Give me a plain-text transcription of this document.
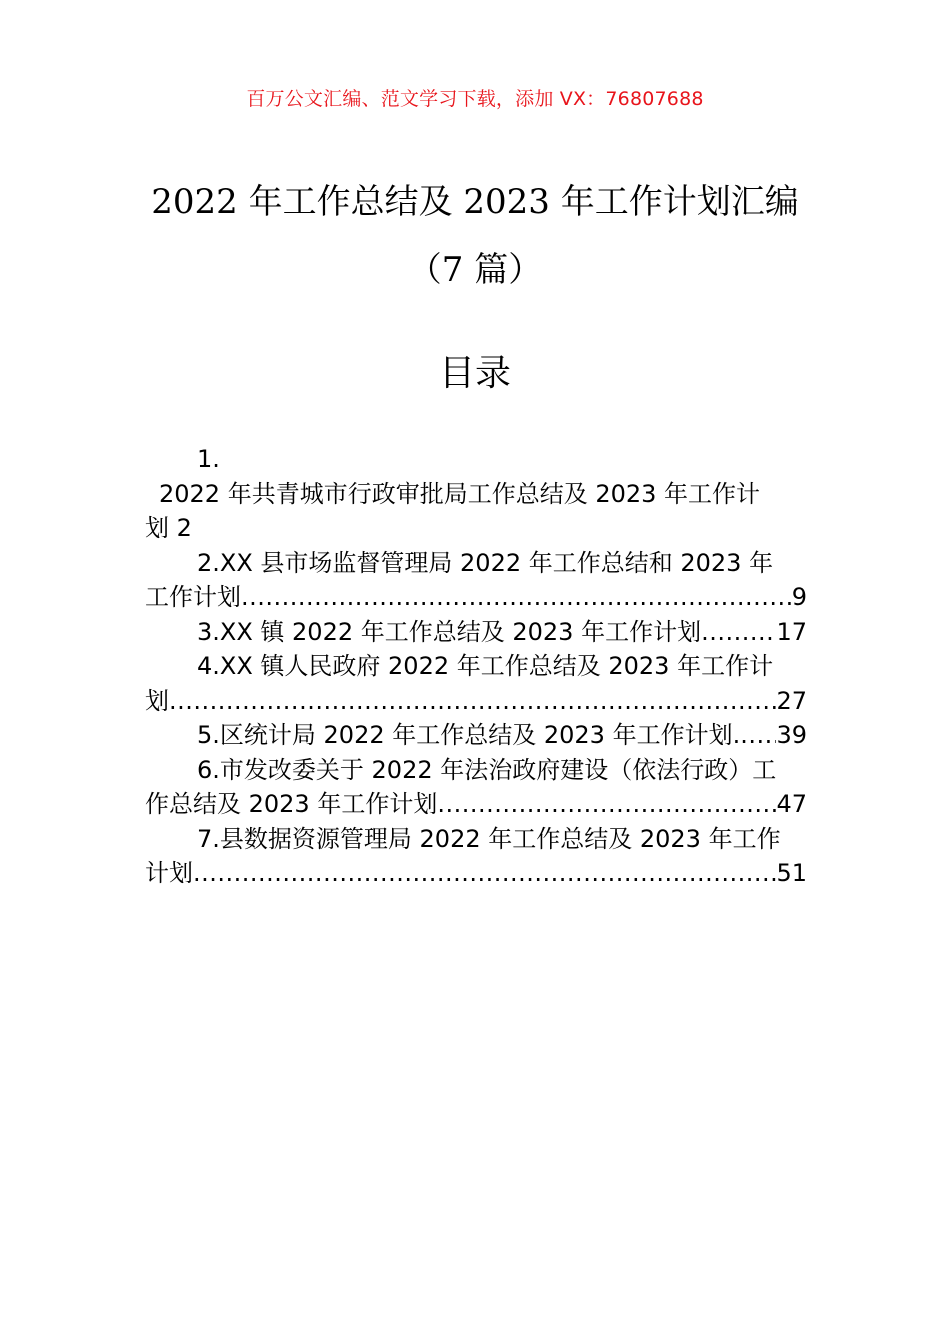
百万公文汇编、范文学习下载，添加 VX：76807688
2022 年工作总结及 2023 年工作计划汇编
（7 篇）
目录
1.
2022 年共青城市行政审批局工作总结及 2023 年工作计
划 2
2.XX 县市场监督管理局 2022 年工作总结和 2023 年
工作计划 .....	9
3.XX 镇 2022 年工作总结及 2023 年工作计划 .....	17
4.XX 镇人民政府 2022 年工作总结及 2023 年工作计
划 .....	27
5.区统计局 2022 年工作总结及 2023 年工作计划. ..... 39
6.市发改委关于 2022 年法治政府建设（依法行政）工
作总结及 2023 年工作计划 .....	47
7.县数据资源管理局 2022 年工作总结及 2023 年工作
计划 .....	51
